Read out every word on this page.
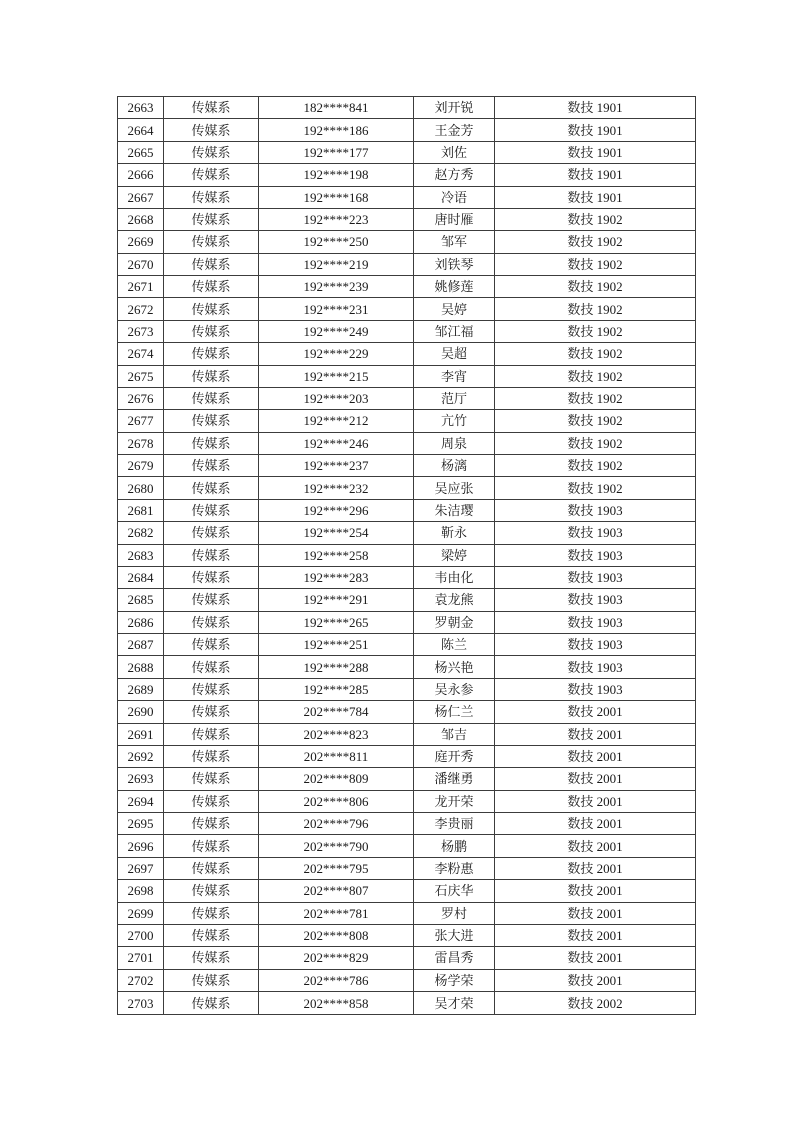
2663	传媒系	182****841	刘开锐	数技 1901
2664	传媒系	192****186	王金芳	数技 1901
2665	传媒系	192****177	刘佐	数技 1901
2666	传媒系	192****198	赵方秀	数技 1901
2667	传媒系	192****168	冷语	数技 1901
2668	传媒系	192****223	唐时雁	数技 1902
2669	传媒系	192****250	邹军	数技 1902
2670	传媒系	192****219	刘铁琴	数技 1902
2671	传媒系	192****239	姚修莲	数技 1902
2672	传媒系	192****231	吴婷	数技 1902
2673	传媒系	192****249	邹江福	数技 1902
2674	传媒系	192****229	吴超	数技 1902
2675	传媒系	192****215	李宵	数技 1902
2676	传媒系	192****203	范厅	数技 1902
2677	传媒系	192****212	亢竹	数技 1902
2678	传媒系	192****246	周泉	数技 1902
2679	传媒系	192****237	杨漓	数技 1902
2680	传媒系	192****232	吴应张	数技 1902
2681	传媒系	192****296	朱洁璎	数技 1903
2682	传媒系	192****254	靳永	数技 1903
2683	传媒系	192****258	梁婷	数技 1903
2684	传媒系	192****283	韦由化	数技 1903
2685	传媒系	192****291	袁龙熊	数技 1903
2686	传媒系	192****265	罗朝金	数技 1903
2687	传媒系	192****251	陈兰	数技 1903
2688	传媒系	192****288	杨兴艳	数技 1903
2689	传媒系	192****285	吴永参	数技 1903
2690	传媒系	202****784	杨仁兰	数技 2001
2691	传媒系	202****823	邹吉	数技 2001
2692	传媒系	202****811	庭开秀	数技 2001
2693	传媒系	202****809	潘继勇	数技 2001
2694	传媒系	202****806	龙开荣	数技 2001
2695	传媒系	202****796	李贵丽	数技 2001
2696	传媒系	202****790	杨鹏	数技 2001
2697	传媒系	202****795	李粉惠	数技 2001
2698	传媒系	202****807	石庆华	数技 2001
2699	传媒系	202****781	罗村	数技 2001
2700	传媒系	202****808	张大进	数技 2001
2701	传媒系	202****829	雷昌秀	数技 2001
2702	传媒系	202****786	杨学荣	数技 2001
2703	传媒系	202****858	吴才荣	数技 2002
